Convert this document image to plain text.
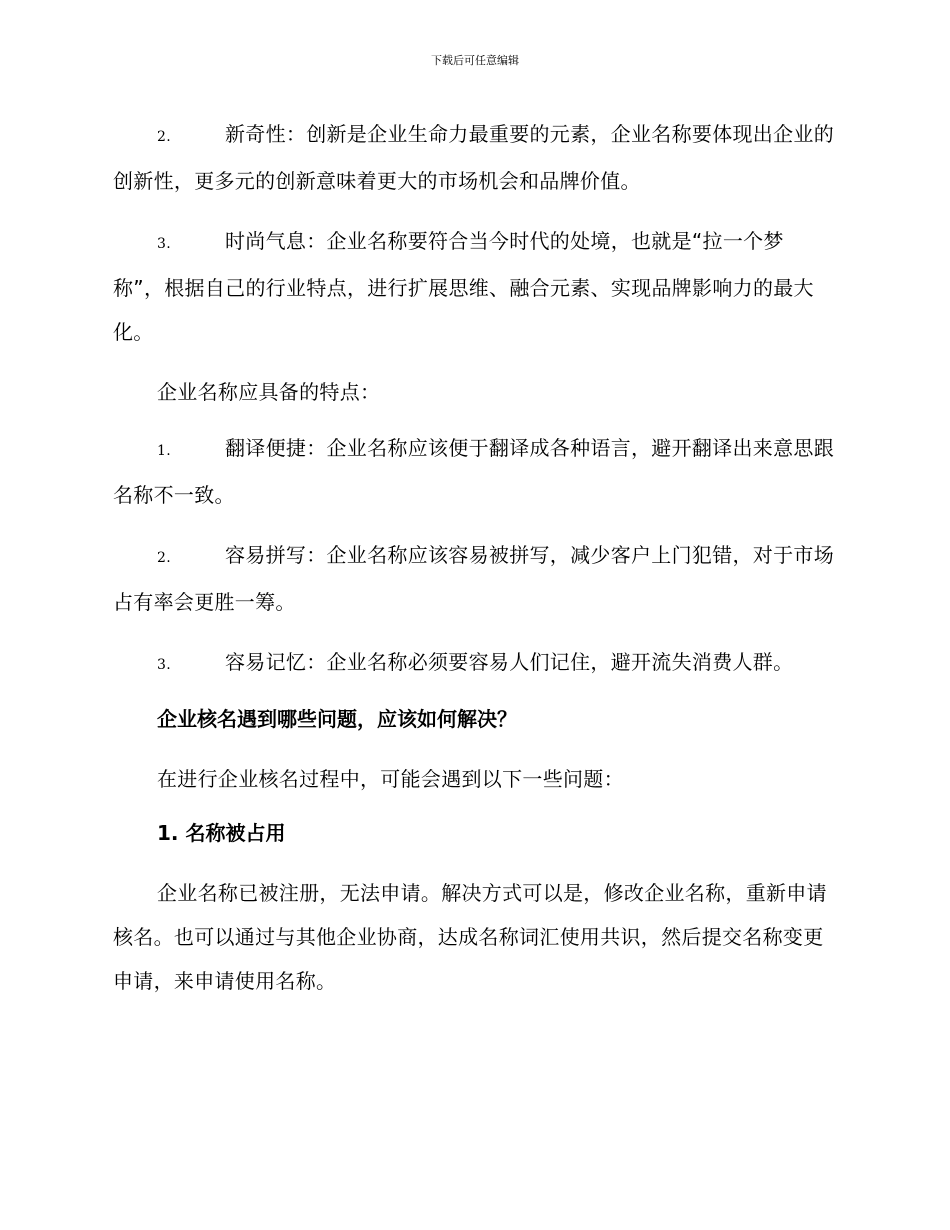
下载后可任意编辑

2.	新奇性：创新是企业生命力最重要的元素，企业名称要体现出企业的创新性，更多元的创新意味着更大的市场机会和品牌价值。

3.	时尚气息：企业名称要符合当今时代的处境，也就是“拉一个梦称”，根据自己的行业特点，进行扩展思维、融合元素、实现品牌影响力的最大化。

企业名称应具备的特点：

1.	翻译便捷：企业名称应该便于翻译成各种语言，避开翻译出来意思跟名称不一致。

2.	容易拼写：企业名称应该容易被拼写，减少客户上门犯错，对于市场占有率会更胜一筹。

3.	容易记忆：企业名称必须要容易人们记住，避开流失消费人群。

企业核名遇到哪些问题，应该如何解决？

在进行企业核名过程中，可能会遇到以下一些问题：

1. 名称被占用

企业名称已被注册，无法申请。解决方式可以是，修改企业名称，重新申请核名。也可以通过与其他企业协商，达成名称词汇使用共识，然后提交名称变更申请，来申请使用名称。
